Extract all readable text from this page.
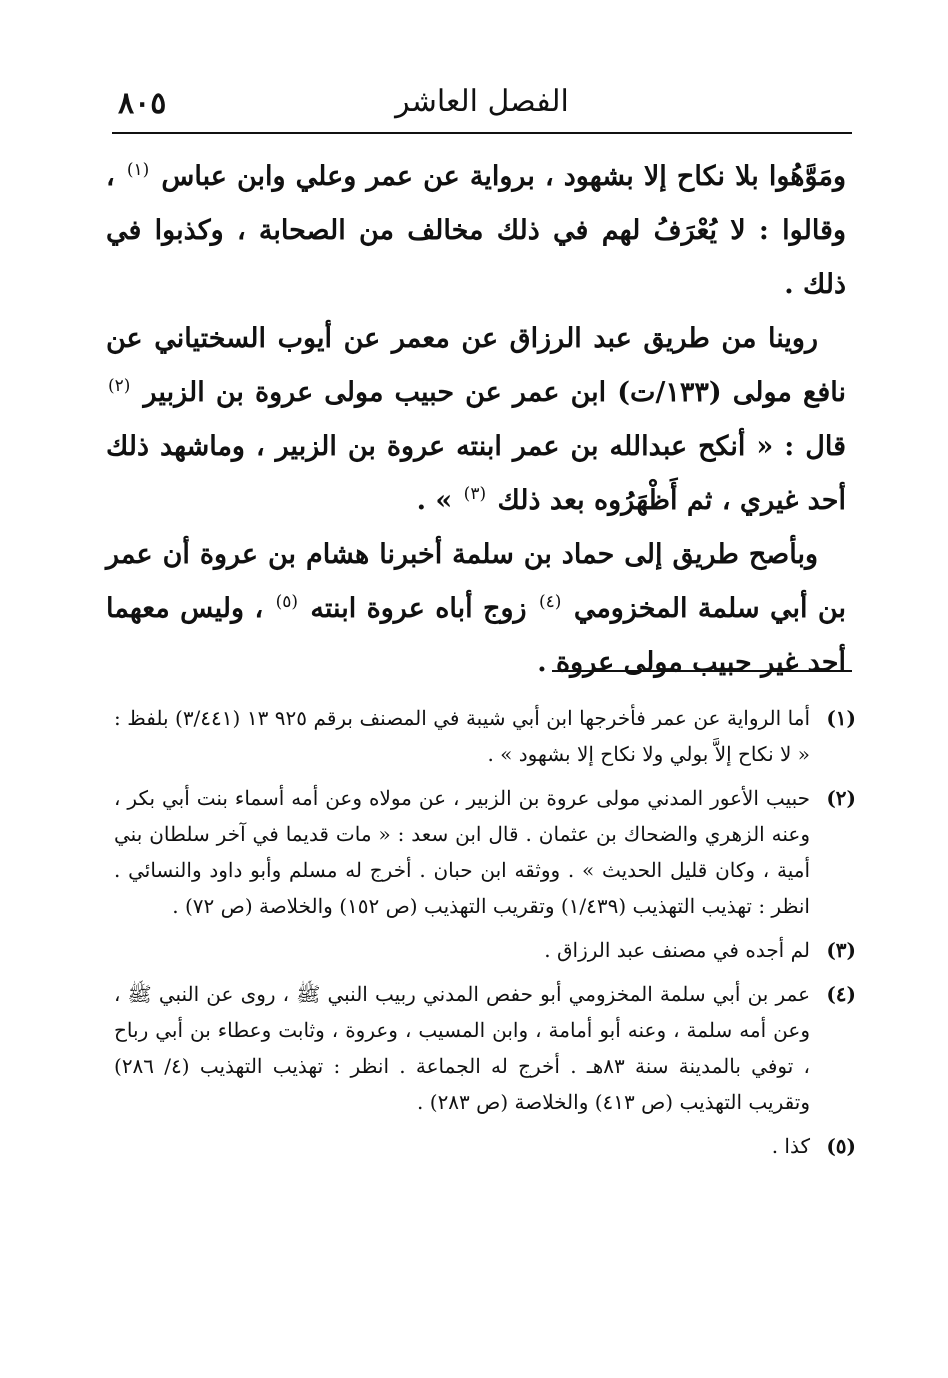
الفصل العاشر
٨٠٥

ومَوَّهُوا بلا نكاح إلا بشهود ، برواية عن عمر وعلي وابن عباس $^{(١)}$ ، وقالوا : لا يُعْرَفُ لهم في ذلك مخالف من الصحابة ، وكذبوا في ذلك .

روينا من طريق عبد الرزاق عن معمر عن أيوب السختياني عن نافع مولى (١٣٣/ت) ابن عمر عن حبيب مولى عروة بن الزبير $^{(٢)}$ قال : « أنكح عبدالله بن عمر ابنته عروة بن الزبير ، وماشهد ذلك أحد غيري ، ثم أَظْهَرُوه بعد ذلك $^{(٣)}$ » .

وبأصح طريق إلى حماد بن سلمة أخبرنا هشام بن عروة أن عمر بن أبي سلمة المخزومي $^{(٤)}$ زوج أباه عروة ابنته $^{(٥)}$ ، وليس معهما أحد غير حبيب مولى عروة .

(١)
أما الرواية عن عمر فأخرجها ابن أبي شيبة في المصنف برقم ٩٢٥ ١٣ (٣/٤٤١) بلفظ : « لا نكاح إلاَّ بولي ولا نكاح إلا بشهود » .
(٢)
حبيب الأعور المدني مولى عروة بن الزبير ، عن مولاه وعن أمه أسماء بنت أبي بكر ، وعنه الزهري والضحاك بن عثمان . قال ابن سعد : « مات قديما في آخر سلطان بني أمية ، وكان قليل الحديث » . ووثقه ابن حبان . أخرج له مسلم وأبو داود والنسائي . انظر : تهذيب التهذيب (١/٤٣٩) وتقريب التهذيب (ص ١٥٢) والخلاصة (ص ٧٢) .
(٣)
لم أجده في مصنف عبد الرزاق .
(٤)
عمر بن أبي سلمة المخزومي أبو حفص المدني ربيب النبي ﷺ ، روى عن النبي ﷺ ، وعن أمه سلمة ، وعنه أبو أمامة ، وابن المسيب ، وعروة ، وثابت وعطاء بن أبي رباح ، توفي بالمدينة سنة ٨٣هـ . أخرج له الجماعة . انظر : تهذيب التهذيب (٤/ ٢٨٦) وتقريب التهذيب (ص ٤١٣) والخلاصة (ص ٢٨٣) .
(٥)
كذا .
